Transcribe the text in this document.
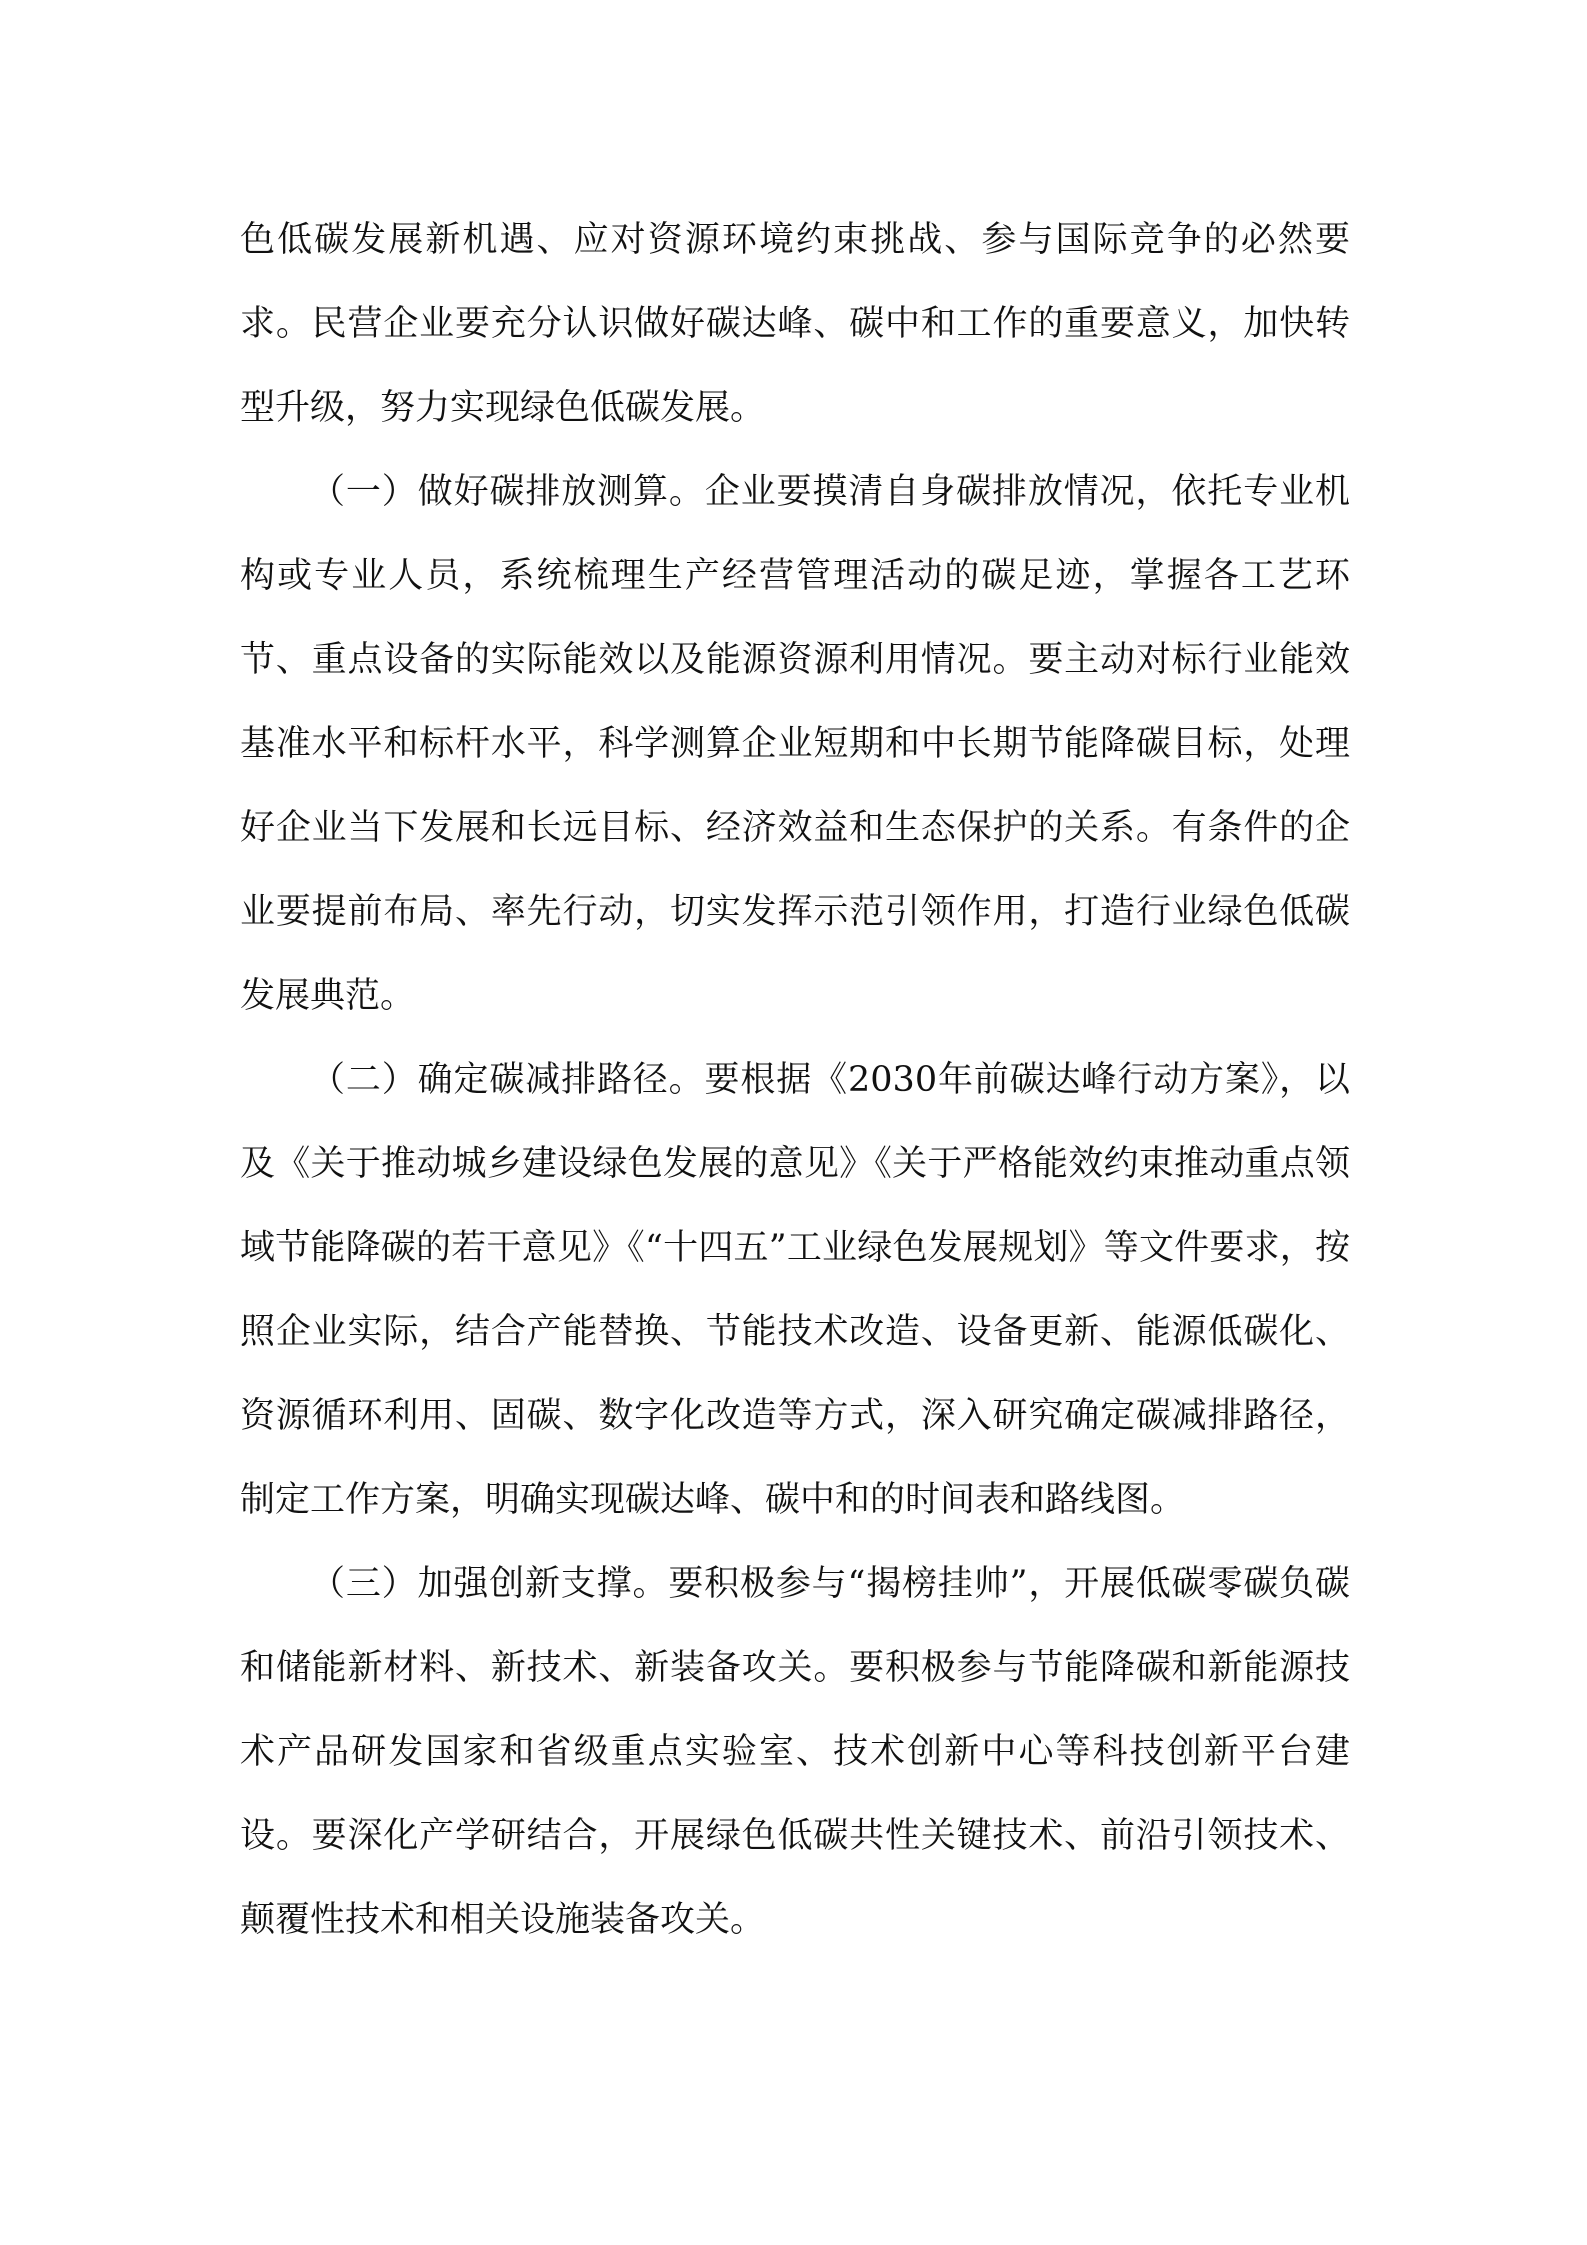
色低碳发展新机遇、应对资源环境约束挑战、参与国际竞争的必然要求。民营企业要充分认识做好碳达峰、碳中和工作的重要意义，加快转型升级，努力实现绿色低碳发展。

（一）做好碳排放测算。企业要摸清自身碳排放情况，依托专业机构或专业人员，系统梳理生产经营管理活动的碳足迹，掌握各工艺环节、重点设备的实际能效以及能源资源利用情况。要主动对标行业能效基准水平和标杆水平，科学测算企业短期和中长期节能降碳目标，处理好企业当下发展和长远目标、经济效益和生态保护的关系。有条件的企业要提前布局、率先行动，切实发挥示范引领作用，打造行业绿色低碳发展典范。

（二）确定碳减排路径。要根据《2030年前碳达峰行动方案》，以及《关于推动城乡建设绿色发展的意见》《关于严格能效约束推动重点领域节能降碳的若干意见》《“十四五”工业绿色发展规划》等文件要求，按照企业实际，结合产能替换、节能技术改造、设备更新、能源低碳化、资源循环利用、固碳、数字化改造等方式，深入研究确定碳减排路径，制定工作方案，明确实现碳达峰、碳中和的时间表和路线图。

（三）加强创新支撑。要积极参与“揭榜挂帅”，开展低碳零碳负碳和储能新材料、新技术、新装备攻关。要积极参与节能降碳和新能源技术产品研发国家和省级重点实验室、技术创新中心等科技创新平台建设。要深化产学研结合，开展绿色低碳共性关键技术、前沿引领技术、颠覆性技术和相关设施装备攻关。
